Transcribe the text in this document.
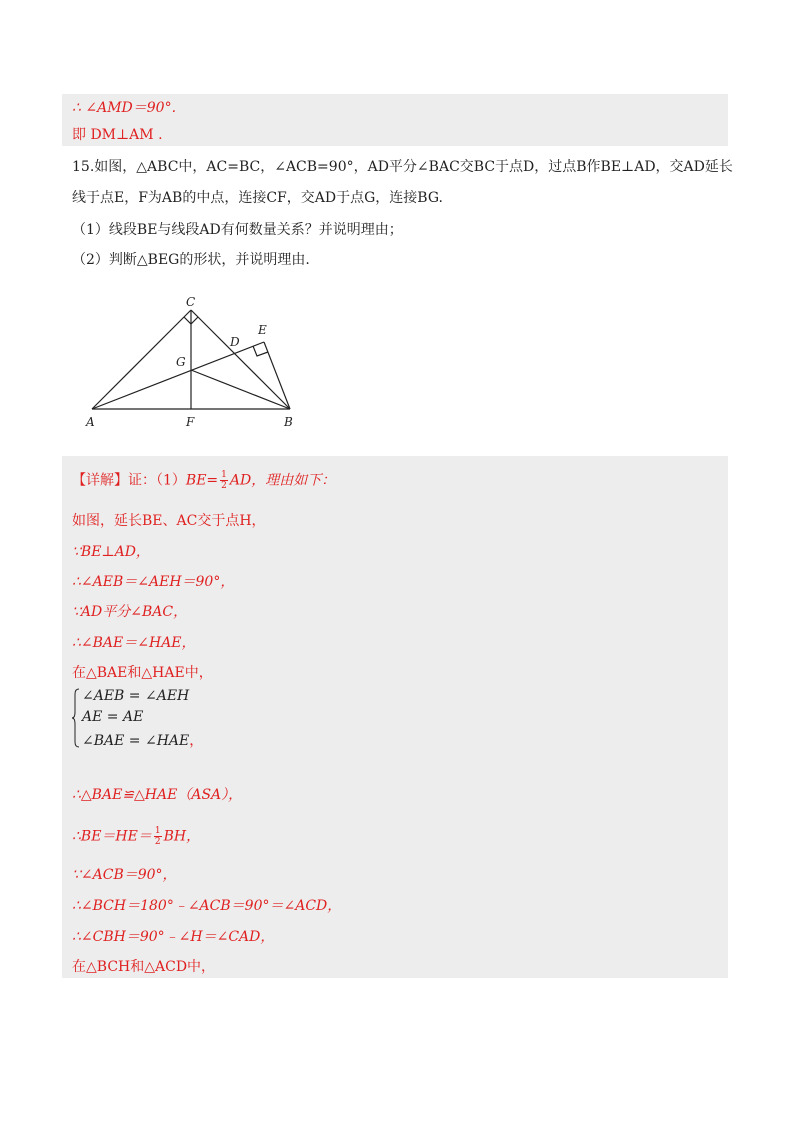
∴ ∠AMD＝90°.
即 DM⊥AM .
15.如图，△ABC中，AC=BC，∠ACB=90°，AD平分∠BAC交BC于点D，过点B作BE⊥AD，交AD延长
线于点E，F为AB的中点，连接CF，交AD于点G，连接BG.
（1）线段BE与线段AD有何数量关系？并说明理由；
（2）判断△BEG的形状，并说明理由.
C
E
D
G
A	F	B
【详解】证：$(1)BE= \frac{1}{2}$ AD，理由如下：
如图，延长BE、AC交于点H，
∵BE⊥AD，
∴∠AEB＝∠AEH＝90°，
∵AD平分∠BAC，
∴∠BAE＝∠HAE，
在△BAE和△HAE中，
∠AEB = ∠AEH
AE = AE
∠BAE = ∠HAE，
∴△BAE≌△HAE（ASA），
∴BE＝HE＝ $\frac{1}{2}$ BH，
∵∠ACB＝90°，
∴∠BCH＝180°﹣∠ACB＝90°＝∠ACD，
∴∠CBH＝90°﹣∠H＝∠CAD，
在△BCH和△ACD中，
